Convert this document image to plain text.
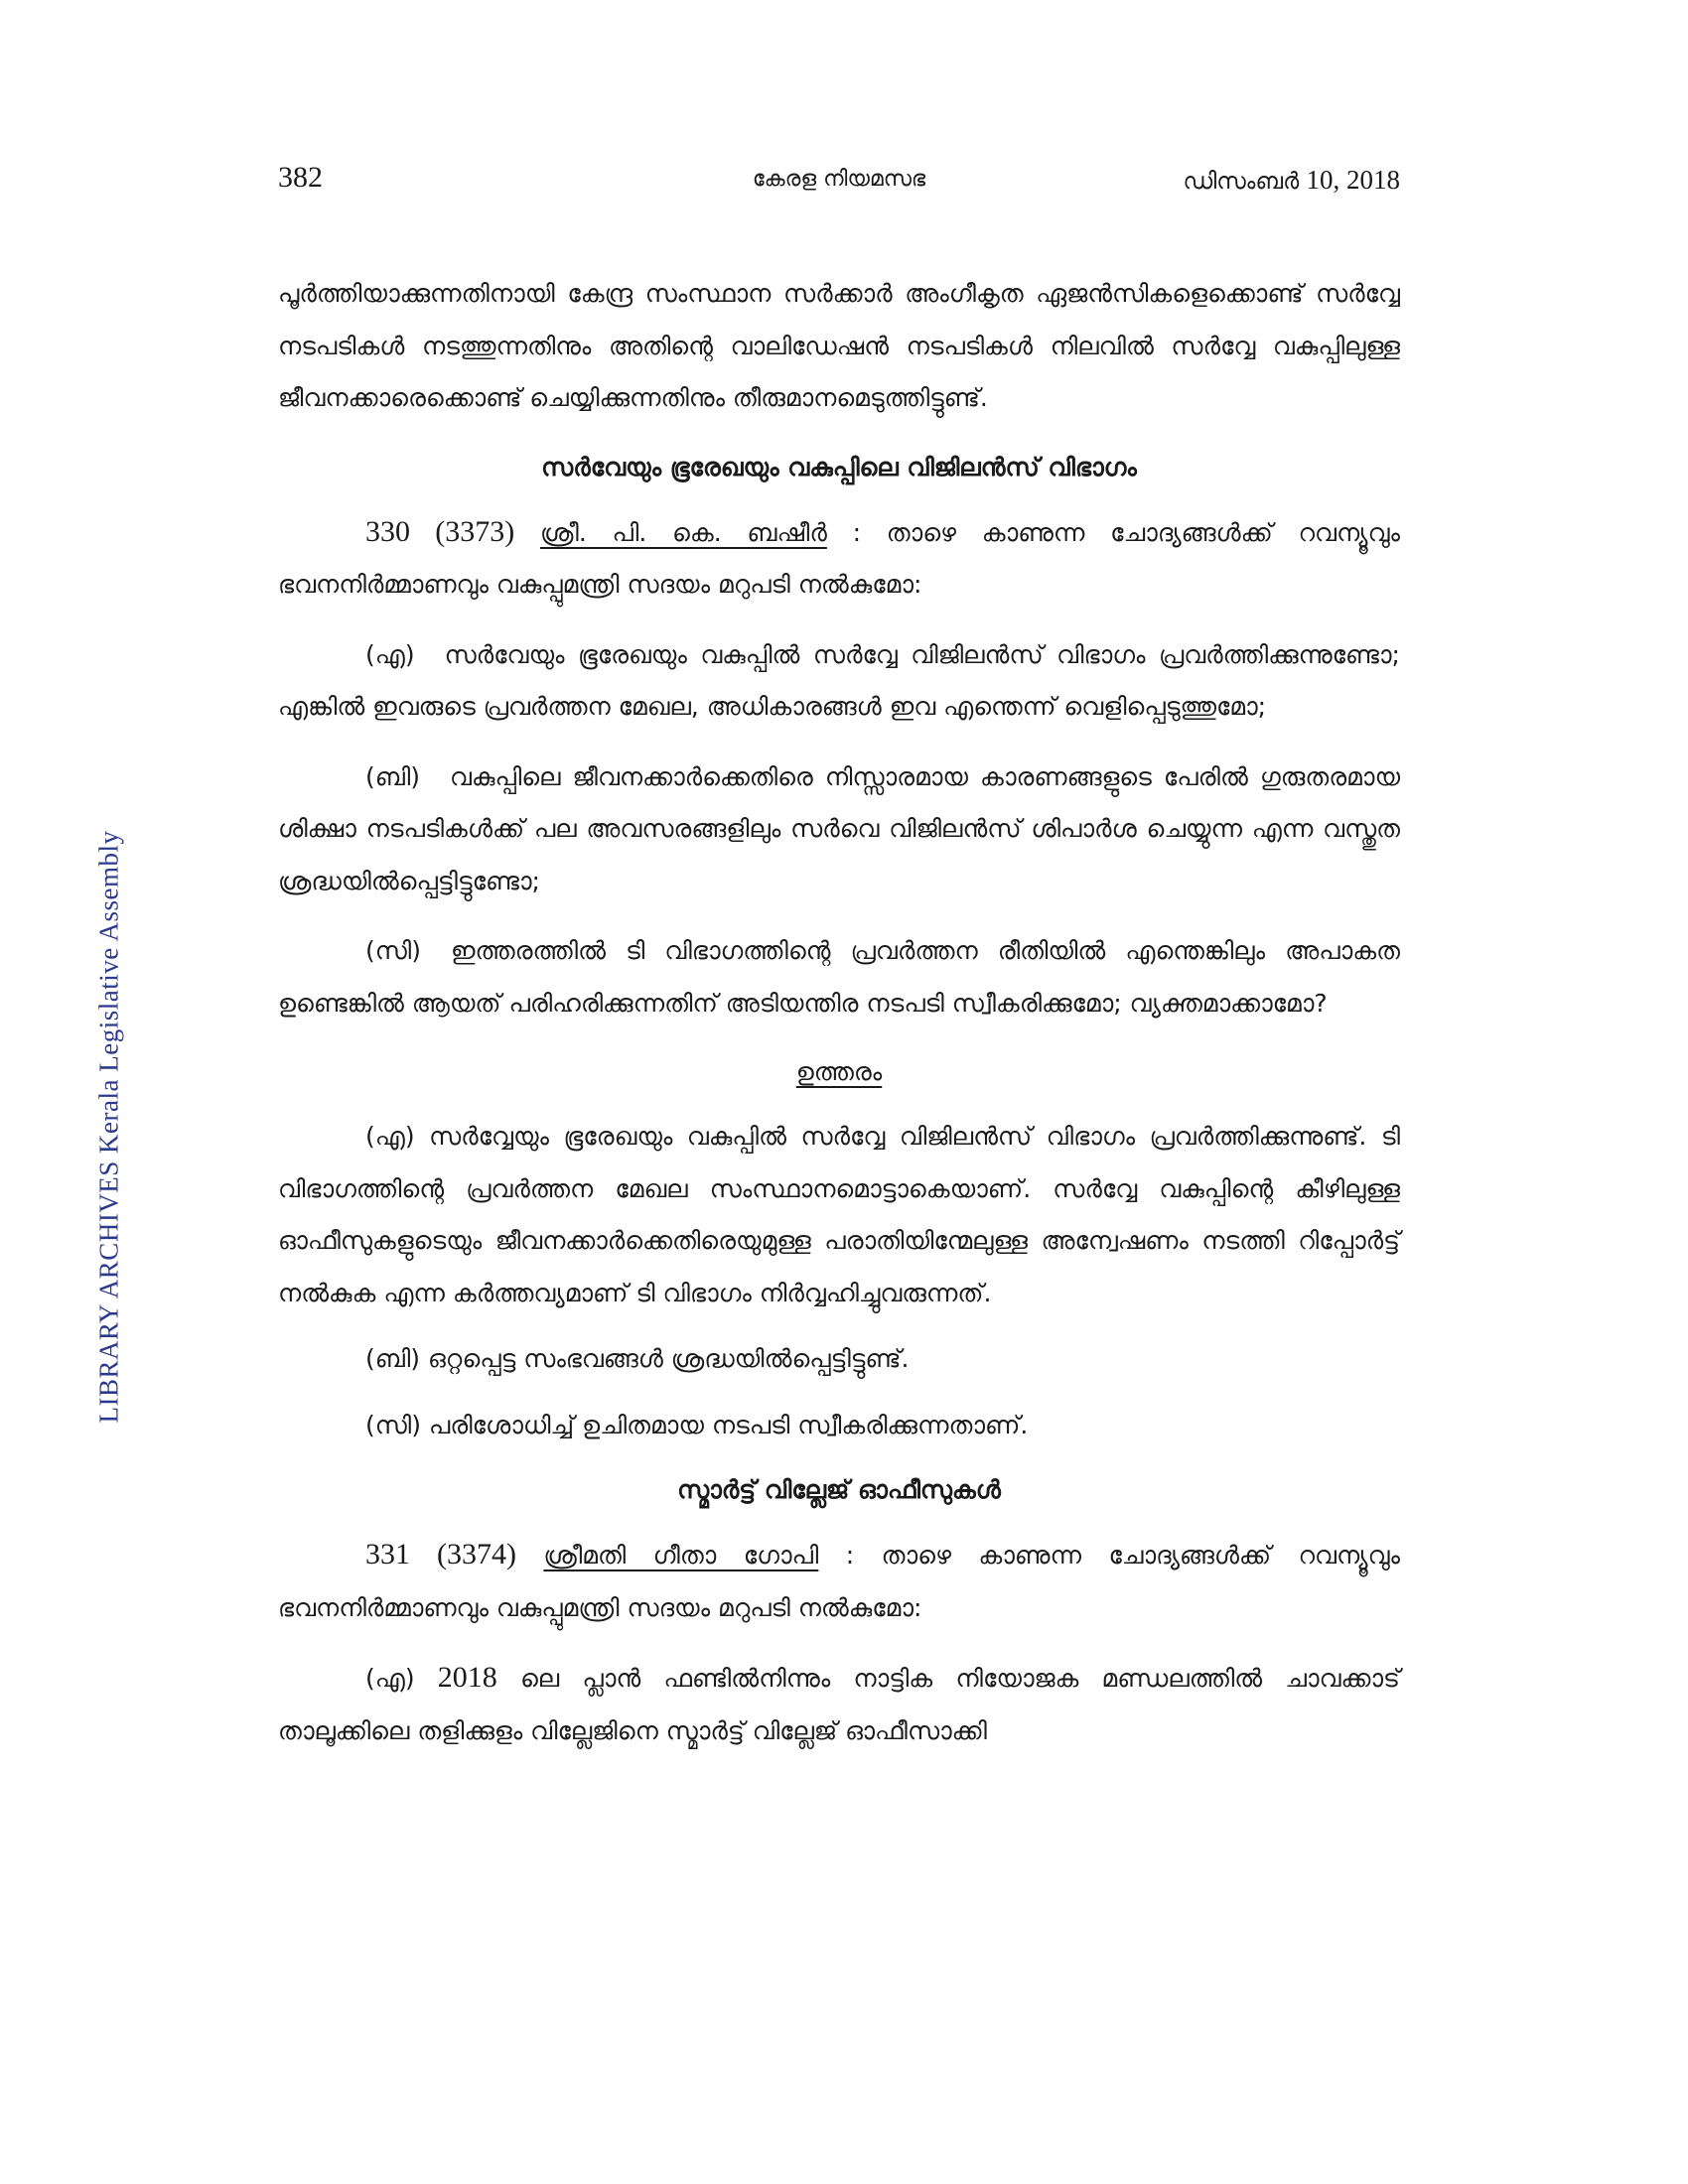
LIBRARY ARCHIVES Kerala Legislative Assembly
382	കേരള നിയമസഭ	ഡിസംബർ 10, 2018

പൂർത്തിയാക്കുന്നതിനായി കേന്ദ്ര സംസ്ഥാന സർക്കാർ അംഗീകൃത ഏജൻസികളെക്കൊണ്ട് സർവ്വേ നടപടികൾ നടത്തുന്നതിനും അതിന്റെ വാലിഡേഷൻ നടപടികൾ നിലവിൽ സർവ്വേ വകുപ്പിലുള്ള ജീവനക്കാരെക്കൊണ്ട് ചെയ്യിക്കുന്നതിനും തീരുമാനമെടുത്തിട്ടുണ്ട്.

സർവേയും ഭൂരേഖയും വകുപ്പിലെ വിജിലൻസ് വിഭാഗം

330 (3373) ശ്രീ. പി. കെ. ബഷീർ : താഴെ കാണുന്ന ചോദ്യങ്ങൾക്ക് റവന്യൂവും ഭവനനിർമ്മാണവും വകുപ്പുമന്ത്രി സദയം മറുപടി നൽകുമോ:

(എ) സർവേയും ഭൂരേഖയും വകുപ്പിൽ സർവ്വേ വിജിലൻസ് വിഭാഗം പ്രവർത്തിക്കുന്നുണ്ടോ; എങ്കിൽ ഇവരുടെ പ്രവർത്തന മേഖല, അധികാരങ്ങൾ ഇവ എന്തെന്ന് വെളിപ്പെടുത്തുമോ;

(ബി) വകുപ്പിലെ ജീവനക്കാർക്കെതിരെ നിസ്സാരമായ കാരണങ്ങളുടെ പേരിൽ ഗുരുതരമായ ശിക്ഷാ നടപടികൾക്ക് പല അവസരങ്ങളിലും സർവെ വിജിലൻസ് ശിപാർശ ചെയ്യുന്ന എന്ന വസ്തുത ശ്രദ്ധയിൽപ്പെട്ടിട്ടുണ്ടോ;

(സി) ഇത്തരത്തിൽ ടി വിഭാഗത്തിന്റെ പ്രവർത്തന രീതിയിൽ എന്തെങ്കിലും അപാകത ഉണ്ടെങ്കിൽ ആയത് പരിഹരിക്കുന്നതിന് അടിയന്തിര നടപടി സ്വീകരിക്കുമോ; വ്യക്തമാക്കാമോ?

ഉത്തരം

(എ) സർവ്വേയും ഭൂരേഖയും വകുപ്പിൽ സർവ്വേ വിജിലൻസ് വിഭാഗം പ്രവർത്തിക്കുന്നുണ്ട്. ടി വിഭാഗത്തിന്റെ പ്രവർത്തന മേഖല സംസ്ഥാനമൊട്ടാകെയാണ്. സർവ്വേ വകുപ്പിന്റെ കീഴിലുള്ള ഓഫീസുകളുടെയും ജീവനക്കാർക്കെതിരെയുമുള്ള പരാതിയിന്മേലുള്ള അന്വേഷണം നടത്തി റിപ്പോർട്ട് നൽകുക എന്ന കർത്തവ്യമാണ് ടി വിഭാഗം നിർവ്വഹിച്ചുവരുന്നത്.

(ബി) ഒറ്റപ്പെട്ട സംഭവങ്ങൾ ശ്രദ്ധയിൽപ്പെട്ടിട്ടുണ്ട്.

(സി) പരിശോധിച്ച് ഉചിതമായ നടപടി സ്വീകരിക്കുന്നതാണ്.

സ്മാർട്ട് വില്ലേജ് ഓഫീസുകൾ

331 (3374) ശ്രീമതി ഗീതാ ഗോപി : താഴെ കാണുന്ന ചോദ്യങ്ങൾക്ക് റവന്യൂവും ഭവനനിർമ്മാണവും വകുപ്പുമന്ത്രി സദയം മറുപടി നൽകുമോ:

(എ) 2018 ലെ പ്ലാൻ ഫണ്ടിൽനിന്നും നാട്ടിക നിയോജക മണ്ഡലത്തിൽ ചാവക്കാട് താലൂക്കിലെ തളിക്കുളം വില്ലേജിനെ സ്മാർട്ട് വില്ലേജ് ഓഫീസാക്കി
